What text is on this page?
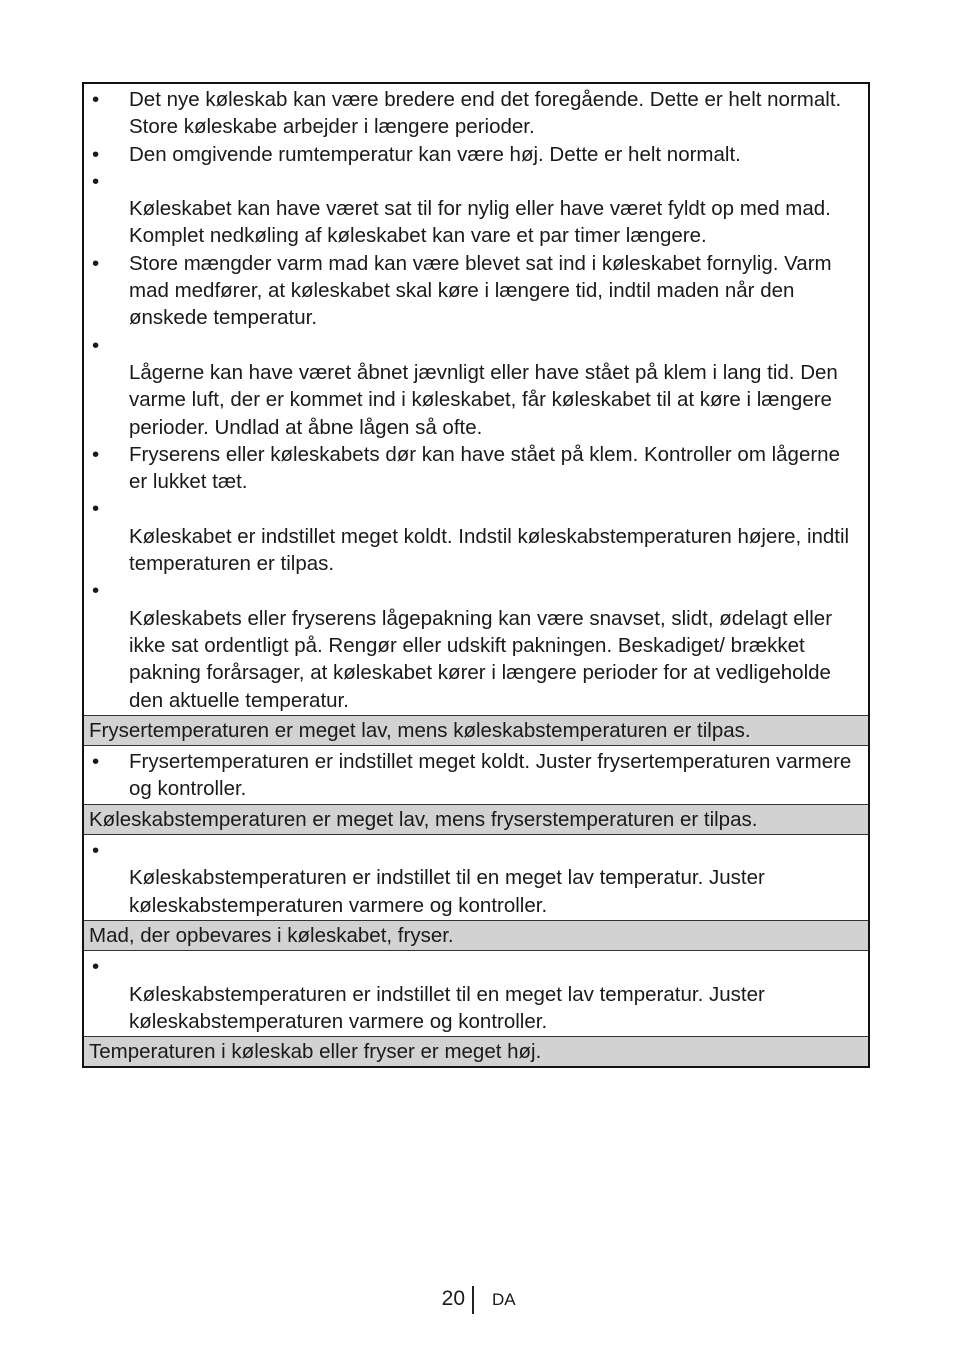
•	Det nye køleskab kan være bredere end det foregående. Dette er helt normalt. Store køleskabe arbejder i længere perioder.
•	Den omgivende rumtemperatur kan være høj. Dette er helt normalt.
•
Køleskabet kan have været sat til for nylig eller have været fyldt op med mad. Komplet nedkøling af køleskabet kan vare et par timer længere.
•	Store mængder varm mad kan være blevet sat ind i køleskabet fornylig. Varm mad medfører, at køleskabet skal køre i længere tid, indtil maden når den ønskede temperatur.
•
Lågerne kan have været åbnet jævnligt eller have stået på klem i lang tid. Den varme luft, der er kommet ind i køleskabet, får køleskabet til at køre i længere perioder. Undlad at åbne lågen så ofte.
•	Fryserens eller køleskabets dør kan have stået på klem. Kontroller om lågerne er lukket tæt.
•
Køleskabet er indstillet meget koldt. Indstil køleskabstemperaturen højere, indtil temperaturen er tilpas.
•
Køleskabets eller fryserens lågepakning kan være snavset, slidt, ødelagt eller ikke sat ordentligt på. Rengør eller udskift pakningen. Beskadiget/ brækket pakning forårsager, at køleskabet kører i længere perioder for at vedligeholde den aktuelle temperatur.
Frysertemperaturen er meget lav, mens køleskabstemperaturen er tilpas.
•	Frysertemperaturen er indstillet meget koldt. Juster frysertemperaturen varmere og kontroller.
Køleskabstemperaturen er meget lav, mens fryserstemperaturen er tilpas.
•
Køleskabstemperaturen er indstillet til en meget lav temperatur. Juster køleskabstemperaturen varmere og kontroller.
Mad, der opbevares i køleskabet, fryser.
•
Køleskabstemperaturen er indstillet til en meget lav temperatur. Juster køleskabstemperaturen varmere og kontroller.
Temperaturen i køleskab eller fryser er meget høj.
20 DA
